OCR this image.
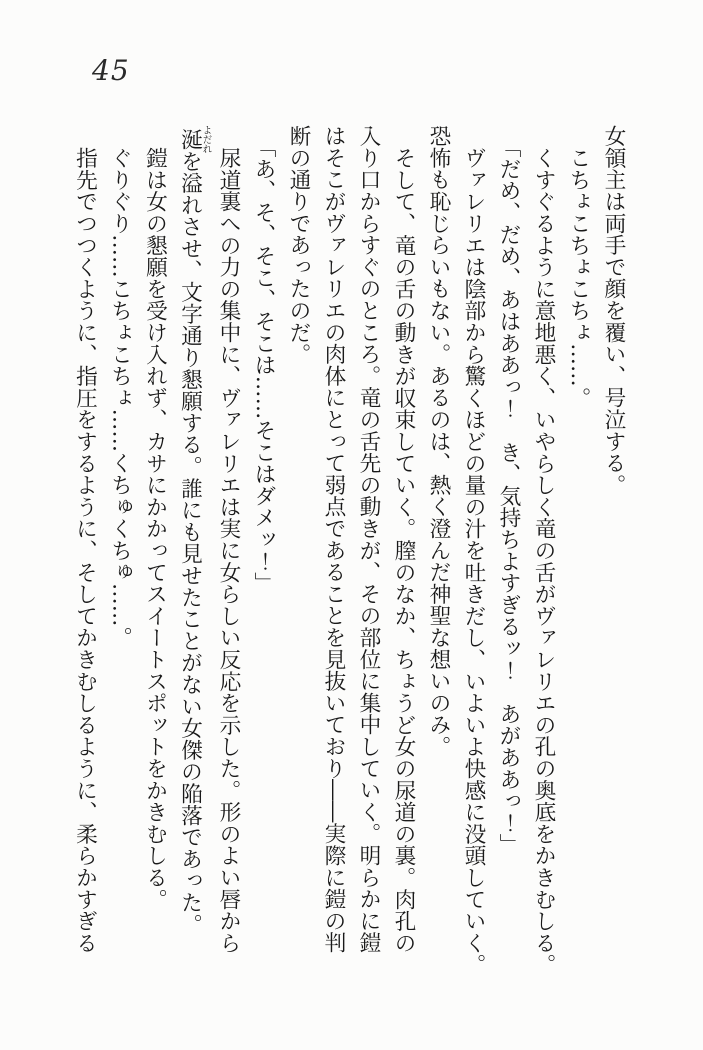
45

女領主は両手で顔を覆い、号泣する。

こちょこちょこちょ……。

くすぐるように意地悪く、いやらしく竜の舌がヴァレリエの孔の奥底をかきむしる。

「だめ、だめ、あはああっ！　き、気持ちよすぎるッ！　あがああっ！」

ヴァレリエは陰部から驚くほどの量の汁を吐きだし、いよいよ快感に没頭していく。

恐怖も恥じらいもない。あるのは、熱く澄んだ神聖な想いのみ。

そして、竜の舌の動きが収束していく。膣のなか、ちょうど女の尿道の裏。肉孔の

入り口からすぐのところ。竜の舌先の動きが、その部位に集中していく。明らかに鎧

はそこがヴァレリエの肉体にとって弱点であることを見抜いており――実際に鎧の判

断の通りであったのだ。

「あ、そ、そこ、そこは……そこはダメッ！」

尿道裏への力の集中に、ヴァレリエは実に女らしい反応を示した。形のよい唇から

涎よだれを溢れさせ、文字通り懇願する。誰にも見せたことがない女傑の陥落であった。

鎧は女の懇願を受け入れず、カサにかかってスイートスポットをかきむしる。

ぐりぐり……こちょこちょ……くちゅくちゅ……。

指先でつつくように、指圧をするように、そしてかきむしるように、柔らかすぎる
